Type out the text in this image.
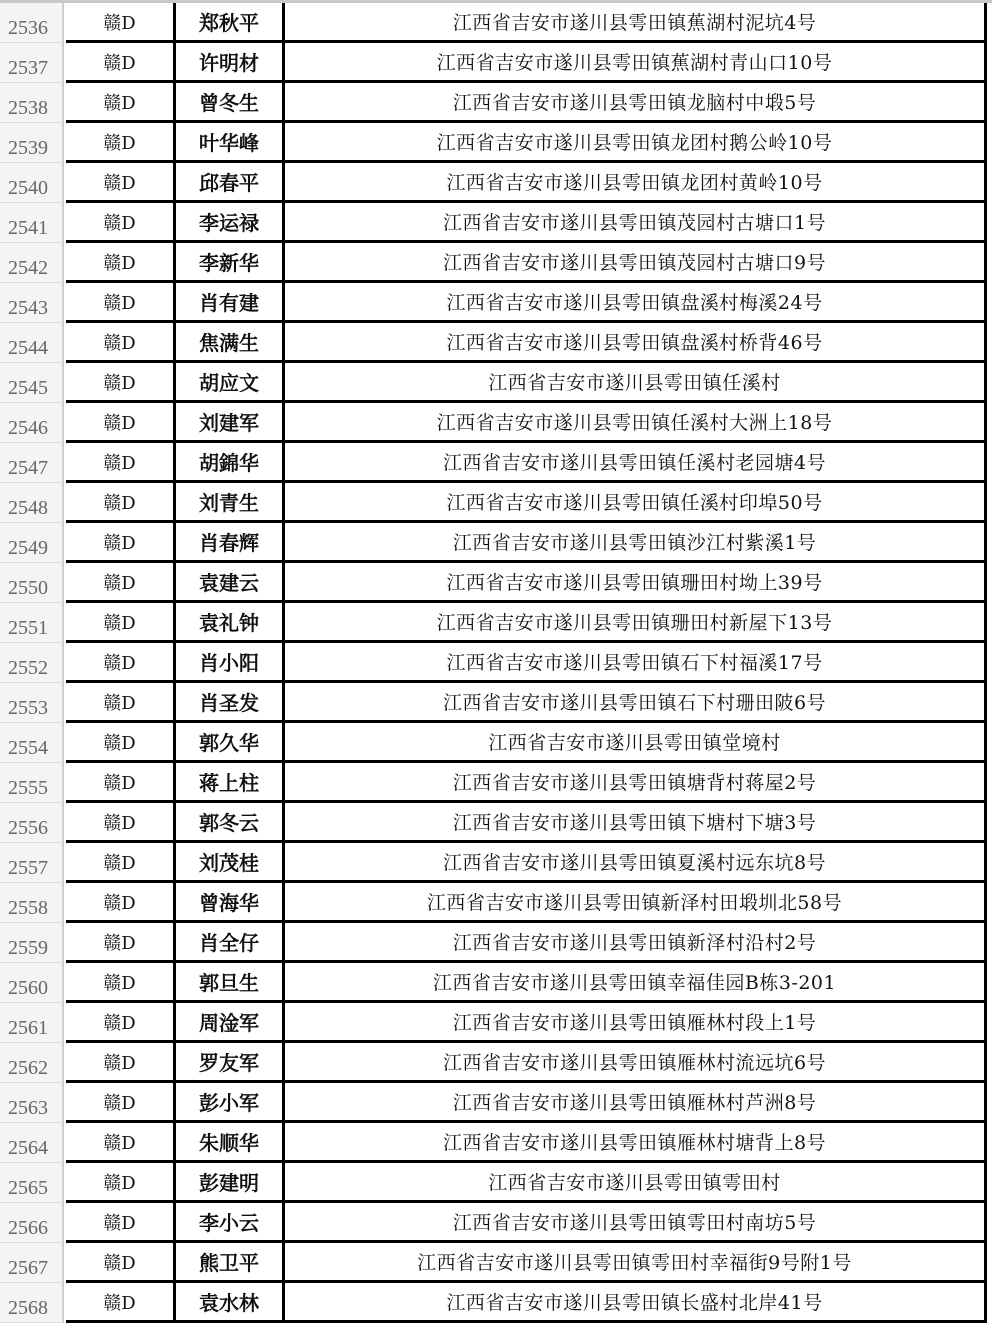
2536	赣D	郑秋平	江西省吉安市遂川县雩田镇蕉湖村泥坑4号
2537	赣D	许明材	江西省吉安市遂川县雩田镇蕉湖村青山口10号
2538	赣D	曾冬生	江西省吉安市遂川县雩田镇龙脑村中塅5号
2539	赣D	叶华峰	江西省吉安市遂川县雩田镇龙团村鹅公岭10号
2540	赣D	邱春平	江西省吉安市遂川县雩田镇龙团村黄岭10号
2541	赣D	李运禄	江西省吉安市遂川县雩田镇茂园村古塘口1号
2542	赣D	李新华	江西省吉安市遂川县雩田镇茂园村古塘口9号
2543	赣D	肖有建	江西省吉安市遂川县雩田镇盘溪村梅溪24号
2544	赣D	焦满生	江西省吉安市遂川县雩田镇盘溪村桥背46号
2545	赣D	胡应文	江西省吉安市遂川县雩田镇任溪村
2546	赣D	刘建军	江西省吉安市遂川县雩田镇任溪村大洲上18号
2547	赣D	胡錦华	江西省吉安市遂川县雩田镇任溪村老园塘4号
2548	赣D	刘青生	江西省吉安市遂川县雩田镇任溪村印埠50号
2549	赣D	肖春辉	江西省吉安市遂川县雩田镇沙江村紫溪1号
2550	赣D	袁建云	江西省吉安市遂川县雩田镇珊田村坳上39号
2551	赣D	袁礼钟	江西省吉安市遂川县雩田镇珊田村新屋下13号
2552	赣D	肖小阳	江西省吉安市遂川县雩田镇石下村福溪17号
2553	赣D	肖圣发	江西省吉安市遂川县雩田镇石下村珊田陂6号
2554	赣D	郭久华	江西省吉安市遂川县雩田镇堂境村
2555	赣D	蒋上柱	江西省吉安市遂川县雩田镇塘背村蒋屋2号
2556	赣D	郭冬云	江西省吉安市遂川县雩田镇下塘村下塘3号
2557	赣D	刘茂桂	江西省吉安市遂川县雩田镇夏溪村远东坑8号
2558	赣D	曾海华	江西省吉安市遂川县雩田镇新泽村田塅圳北58号
2559	赣D	肖全仔	江西省吉安市遂川县雩田镇新泽村沿村2号
2560	赣D	郭旦生	江西省吉安市遂川县雩田镇幸福佳园B栋3-201
2561	赣D	周淦军	江西省吉安市遂川县雩田镇雁林村段上1号
2562	赣D	罗友军	江西省吉安市遂川县雩田镇雁林村流远坑6号
2563	赣D	彭小军	江西省吉安市遂川县雩田镇雁林村芦洲8号
2564	赣D	朱顺华	江西省吉安市遂川县雩田镇雁林村塘背上8号
2565	赣D	彭建明	江西省吉安市遂川县雩田镇雩田村
2566	赣D	李小云	江西省吉安市遂川县雩田镇雩田村南坊5号
2567	赣D	熊卫平	江西省吉安市遂川县雩田镇雩田村幸福街9号附1号
2568	赣D	袁水林	江西省吉安市遂川县雩田镇长盛村北岸41号
